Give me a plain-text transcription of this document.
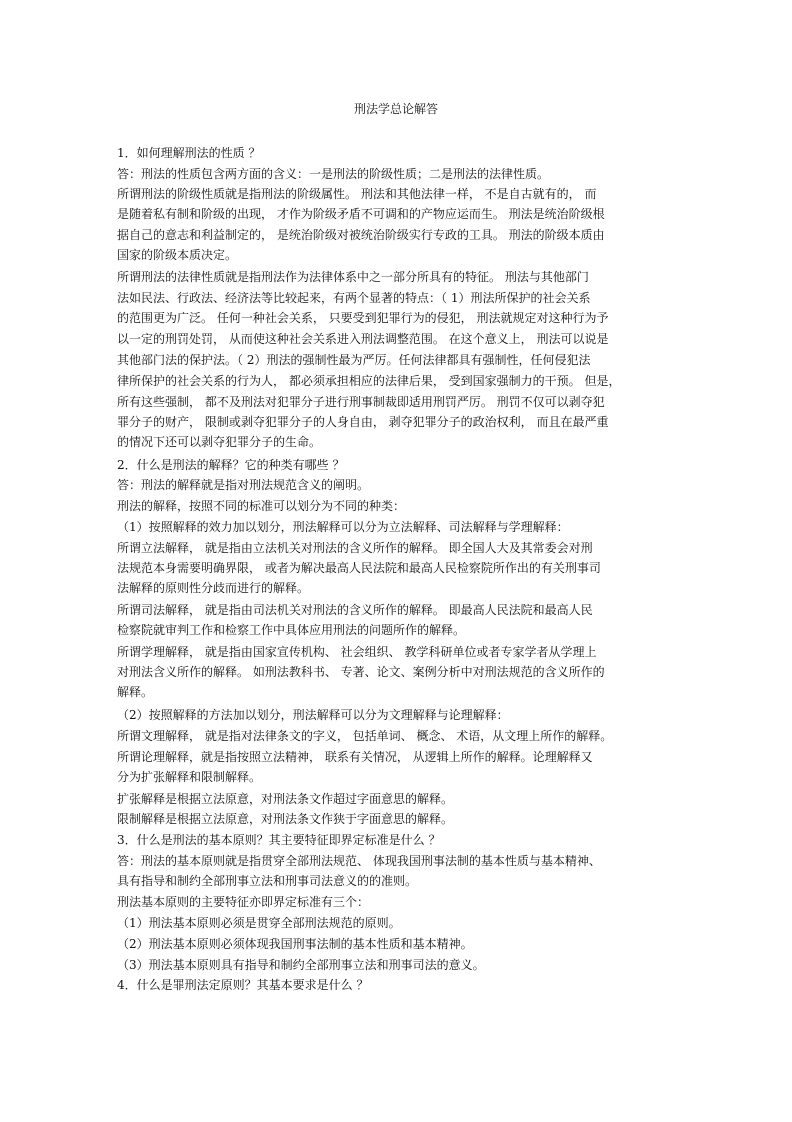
刑法学总论解答
1．如何理解刑法的性质 ？
答：刑法的性质包含两方面的含义：一是刑法的阶级性质；二是刑法的法律性质。
所谓刑法的阶级性质就是指刑法的阶级属性。 刑法和其他法律一样， 不是自古就有的， 而
是随着私有制和阶级的出现， 才作为阶级矛盾不可调和的产物应运而生。 刑法是统治阶级根
据自己的意志和利益制定的， 是统治阶级对被统治阶级实行专政的工具。 刑法的阶级本质由
国家的阶级本质决定。
所谓刑法的法律性质就是指刑法作为法律体系中之一部分所具有的特征。 刑法与其他部门
法如民法、行政法、经济法等比较起来，有两个显著的特点：（ 1）刑法所保护的社会关系
的范围更为广泛。 任何一种社会关系， 只要受到犯罪行为的侵犯， 刑法就规定对这种行为予
以一定的刑罚处罚， 从而使这种社会关系进入刑法调整范围。 在这个意义上， 刑法可以说是
其他部门法的保护法。（ 2）刑法的强制性最为严厉。任何法律都具有强制性，任何侵犯法
律所保护的社会关系的行为人， 都必须承担相应的法律后果， 受到国家强制力的干预。 但是，
所有这些强制， 都不及刑法对犯罪分子进行刑事制裁即适用刑罚严厉。 刑罚不仅可以剥夺犯
罪分子的财产， 限制或剥夺犯罪分子的人身自由， 剥夺犯罪分子的政治权利， 而且在最严重
的情况下还可以剥夺犯罪分子的生命。
2．什么是刑法的解释？它的种类有哪些 ？
答：刑法的解释就是指对刑法规范含义的阐明。
刑法的解释，按照不同的标准可以划分为不同的种类：
（1）按照解释的效力加以划分，刑法解释可以分为立法解释、司法解释与学理解释：
所谓立法解释， 就是指由立法机关对刑法的含义所作的解释。 即全国人大及其常委会对刑
法规范本身需要明确界限， 或者为解决最高人民法院和最高人民检察院所作出的有关刑事司
法解释的原则性分歧而进行的解释。
所谓司法解释， 就是指由司法机关对刑法的含义所作的解释。 即最高人民法院和最高人民
检察院就审判工作和检察工作中具体应用刑法的问题所作的解释。
所谓学理解释， 就是指由国家宣传机构、 社会组织、 教学科研单位或者专家学者从学理上
对刑法含义所作的解释。 如刑法教科书、 专著、论文、案例分析中对刑法规范的含义所作的
解释。
（2）按照解释的方法加以划分，刑法解释可以分为文理解释与论理解释：
所谓文理解释， 就是指对法律条文的字义， 包括单词、 概念、 术语，从文理上所作的解释。
所谓论理解释，就是指按照立法精神， 联系有关情况， 从逻辑上所作的解释。论理解释又
分为扩张解释和限制解释。
扩张解释是根据立法原意，对刑法条文作超过字面意思的解释。
限制解释是根据立法原意，对刑法条文作狭于字面意思的解释。
3．什么是刑法的基本原则？其主要特征即界定标准是什么 ？
答：刑法的基本原则就是指贯穿全部刑法规范、 体现我国刑事法制的基本性质与基本精神、
具有指导和制约全部刑事立法和刑事司法意义的的准则。
刑法基本原则的主要特征亦即界定标准有三个：
（1）刑法基本原则必须是贯穿全部刑法规范的原则。
（2）刑法基本原则必须体现我国刑事法制的基本性质和基本精神。
（3）刑法基本原则具有指导和制约全部刑事立法和刑事司法的意义。
4．什么是罪刑法定原则？其基本要求是什么 ？
